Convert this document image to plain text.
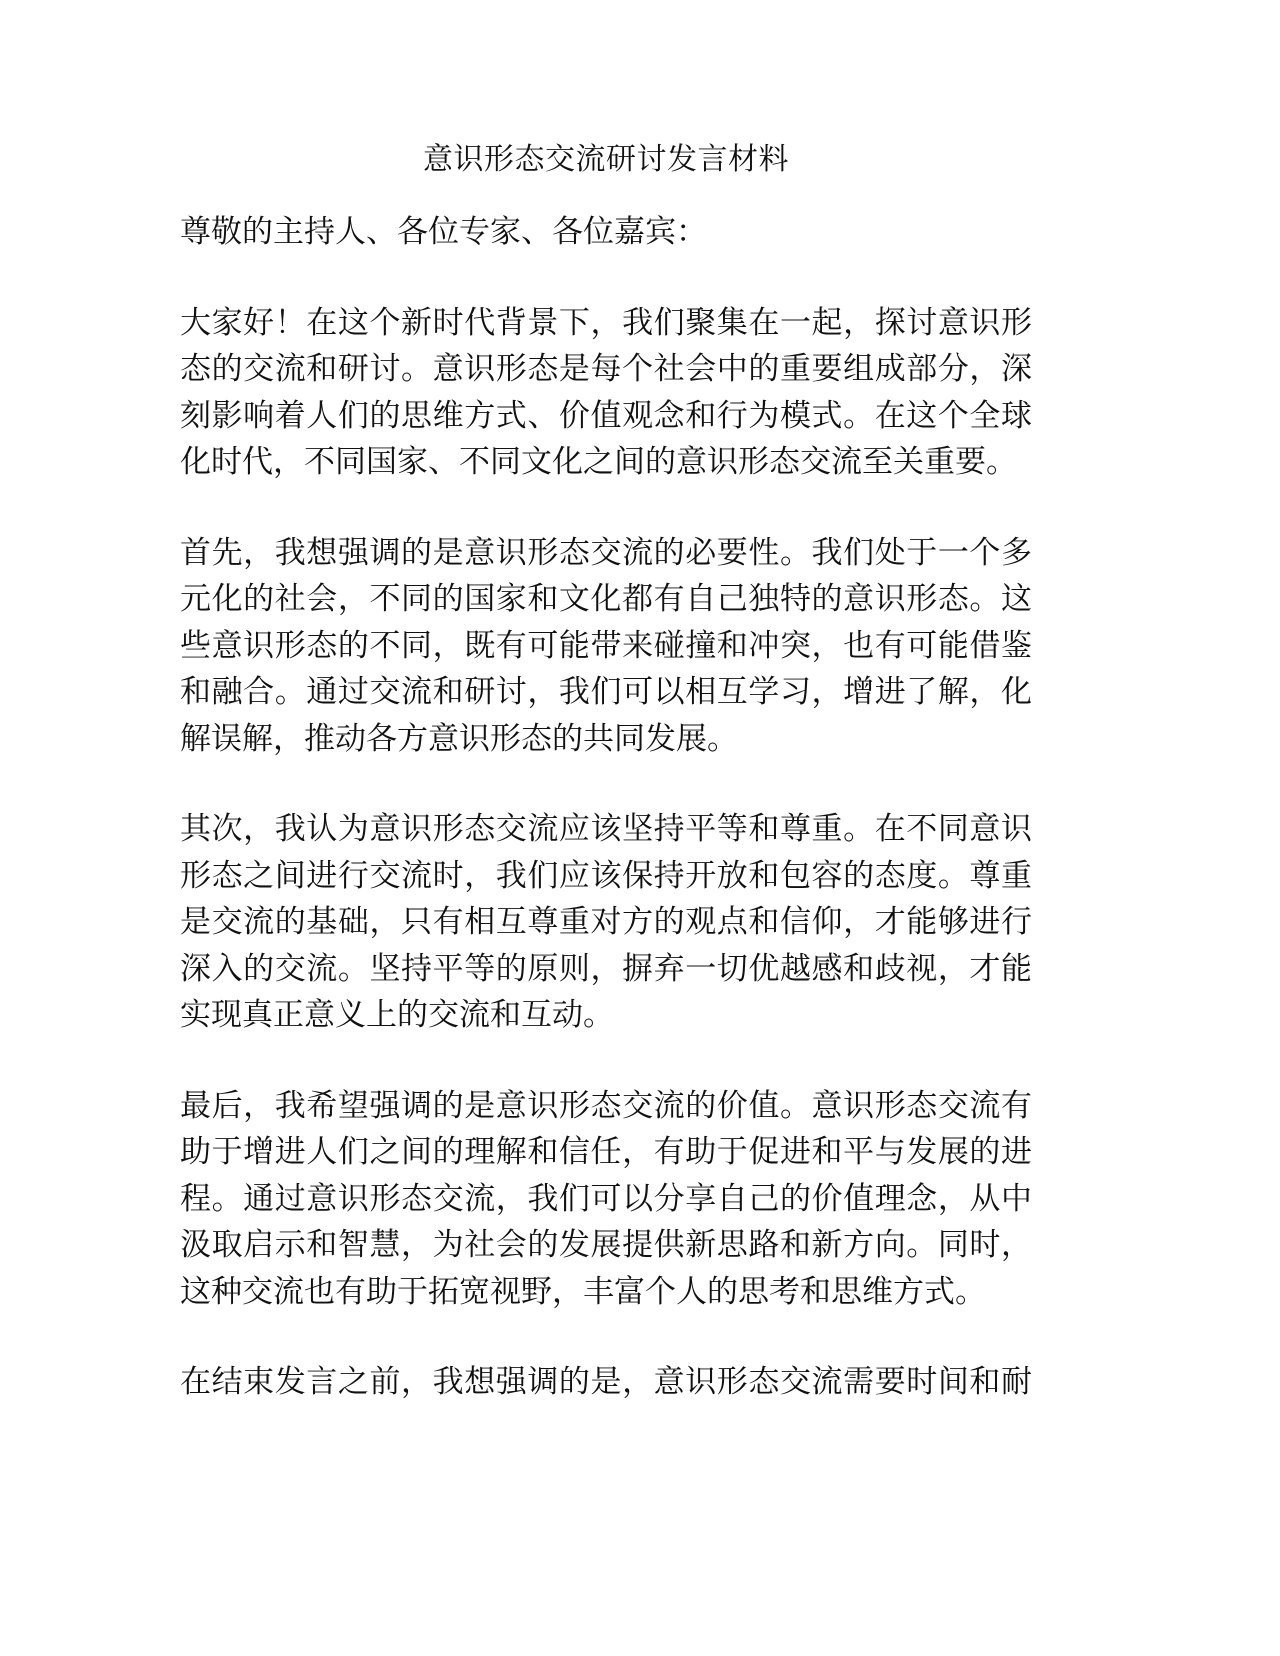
意识形态交流研讨发言材料
尊敬的主持人、各位专家、各位嘉宾：
大家好！在这个新时代背景下，我们聚集在一起，探讨意识形
态的交流和研讨。意识形态是每个社会中的重要组成部分，深
刻影响着人们的思维方式、价值观念和行为模式。在这个全球
化时代，不同国家、不同文化之间的意识形态交流至关重要。
首先，我想强调的是意识形态交流的必要性。我们处于一个多
元化的社会，不同的国家和文化都有自己独特的意识形态。这
些意识形态的不同，既有可能带来碰撞和冲突，也有可能借鉴
和融合。通过交流和研讨，我们可以相互学习，增进了解，化
解误解，推动各方意识形态的共同发展。
其次，我认为意识形态交流应该坚持平等和尊重。在不同意识
形态之间进行交流时，我们应该保持开放和包容的态度。尊重
是交流的基础，只有相互尊重对方的观点和信仰，才能够进行
深入的交流。坚持平等的原则，摒弃一切优越感和歧视，才能
实现真正意义上的交流和互动。
最后，我希望强调的是意识形态交流的价值。意识形态交流有
助于增进人们之间的理解和信任，有助于促进和平与发展的进
程。通过意识形态交流，我们可以分享自己的价值理念，从中
汲取启示和智慧，为社会的发展提供新思路和新方向。同时，
这种交流也有助于拓宽视野，丰富个人的思考和思维方式。
在结束发言之前，我想强调的是，意识形态交流需要时间和耐
